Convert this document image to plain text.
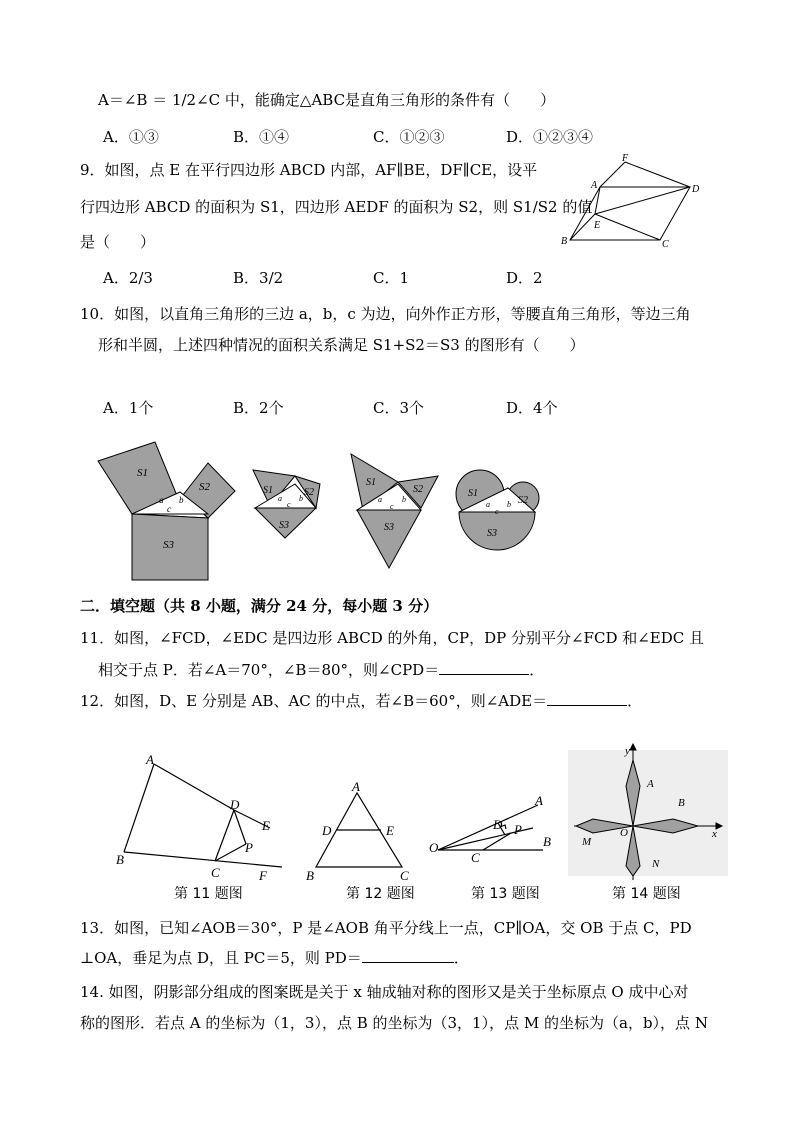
A＝∠B ＝ 1/2∠C 中，能确定△ABC是直角三角形的条件有（　　）
A．①③	B．①④	C．①②③	D．①②③④
9．如图，点 E 在平行四边形 ABCD 内部，AF∥BE，DF∥CE，设平
行四边形 ABCD 的面积为 S1，四边形 AEDF 的面积为 S2，则 S1/S2 的值
是（　　）
A．2/3	B．3/2	C．1	D．2
F
A	D
E
B	C
10．如图，以直角三角形的三边 a，b，c 为边，向外作正方形，等腰直角三角形，等边三角
形和半圆，上述四种情况的面积关系满足 S1+S2＝S3 的图形有（　　）
A．1个	B．2个	C．3个	D．4个
S1
S2
S3
a b
c
S1	S2
S3
a b
c
S1
S2
S3
a	b
c
S1
S2
S3
a b
c
二．填空题（共 8 小题，满分 24 分，每小题 3 分）
11．如图，∠FCD，∠EDC 是四边形 ABCD 的外角，CP，DP 分别平分∠FCD 和∠EDC 且
相交于点 P．若∠A＝70°，∠B＝80°，则∠CPD＝	．
12．如图，D、E 分别是 AB、AC 的中点，若∠B＝60°，则∠ADE＝	．
A
B
C
D
E
F
P
第 11 题图
A
B	C
D	E
第 12 题图
A
B
C
D
O
P
第 13 题图
y
x
O
A
B
M
N
第 14 题图
13．如图，已知∠AOB＝30°，P 是∠AOB 角平分线上一点，CP∥OA，交 OB 于点 C，PD
⊥OA，垂足为点 D，且 PC＝5，则 PD＝	．
14. 如图，阴影部分组成的图案既是关于 x 轴成轴对称的图形又是关于坐标原点 O 成中心对
称的图形．若点 A 的坐标为（1，3），点 B 的坐标为（3，1），点 M 的坐标为（a，b），点 N
